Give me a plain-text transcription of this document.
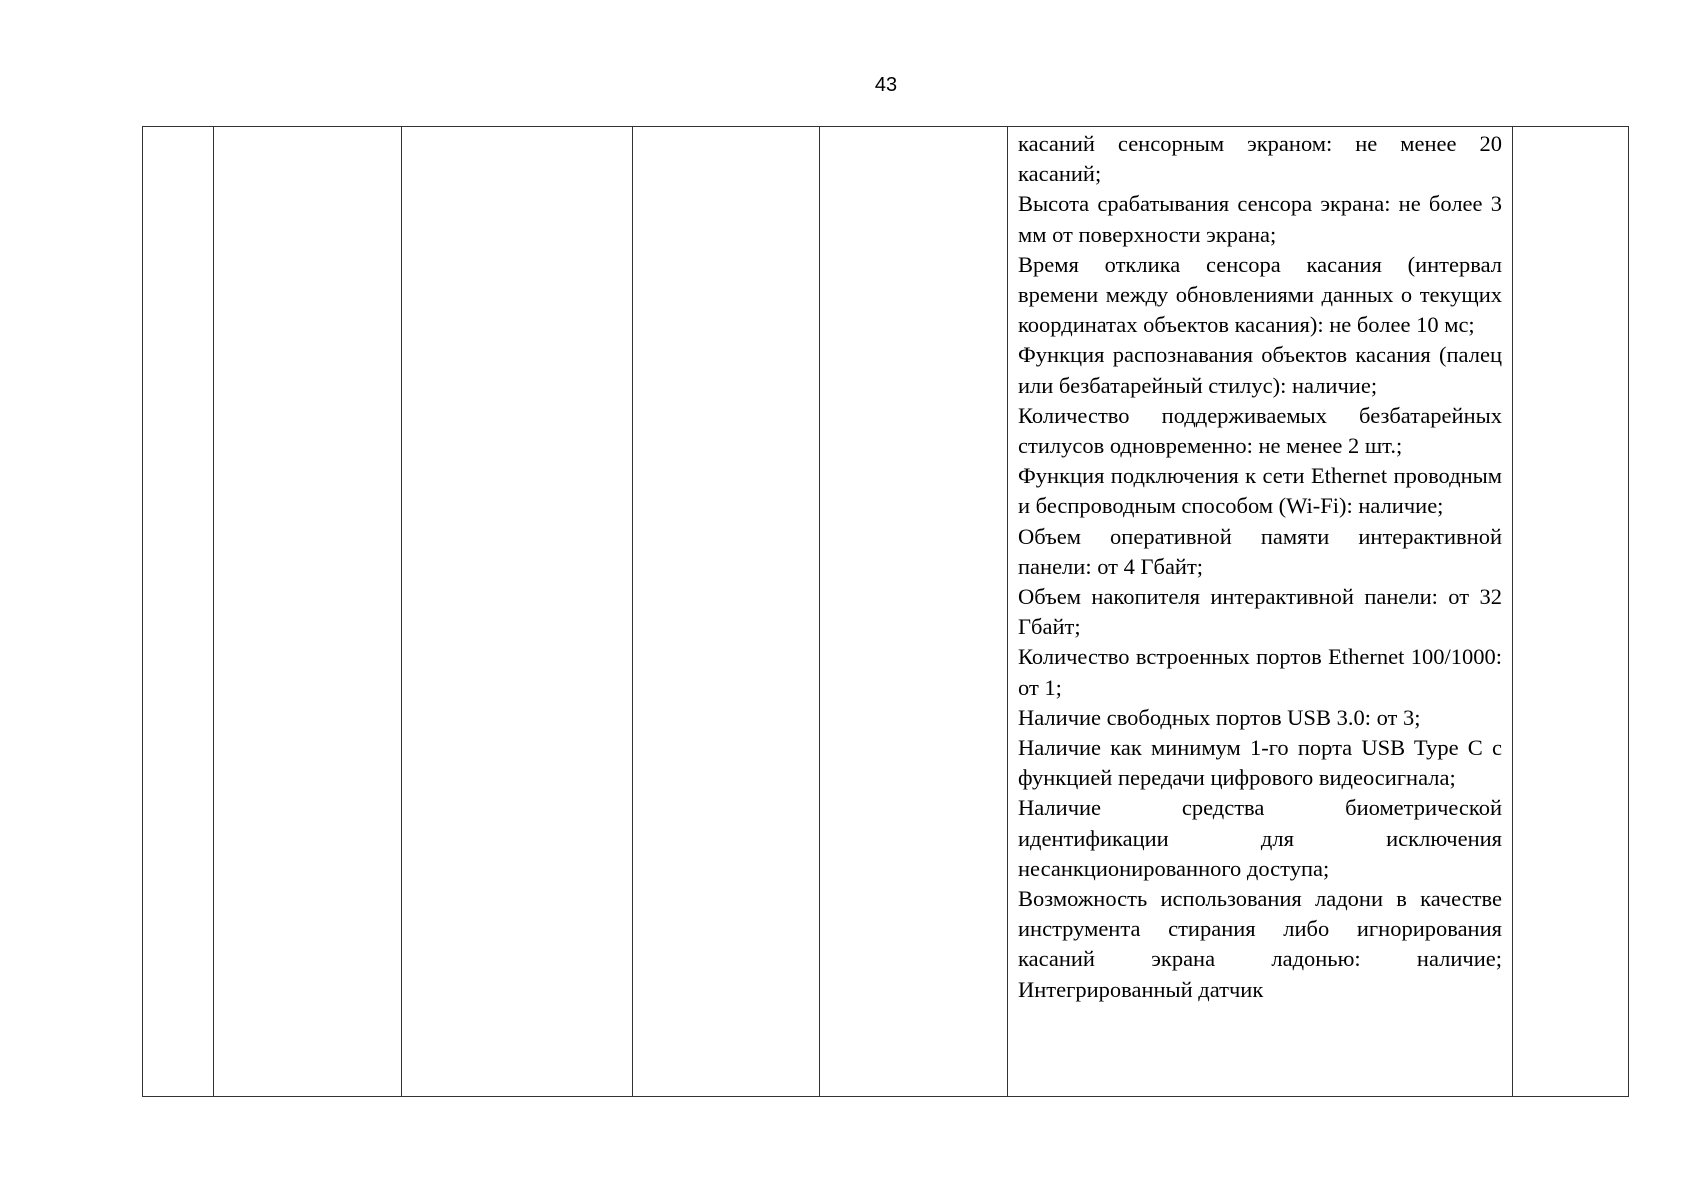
43

касаний сенсорным экраном: не менее 20 касаний;

Высота срабатывания сенсора экрана: не более 3 мм от поверхности экрана;

Время отклика сенсора касания (интервал времени между обновлениями данных о текущих координатах объектов касания): не более 10 мс;

Функция распознавания объектов касания (палец или безбатарейный стилус): наличие;

Количество поддерживаемых безбатарейных стилусов одновременно: не менее 2 шт.;

Функция подключения к сети Ethernet проводным и беспроводным способом (Wi-Fi): наличие;

Объем оперативной памяти интерактивной панели: от 4 Гбайт;

Объем накопителя интерактивной панели: от 32 Гбайт;

Количество встроенных портов Ethernet 100/1000: от 1;

Наличие свободных портов USB 3.0: от 3;

Наличие как минимум 1-го порта USB Type C с функцией передачи цифрового видеосигнала;

Наличие средства биометрической идентификации для исключения несанкционированного доступа;

Возможность использования ладони в качестве инструмента стирания либо игнорирования касаний экрана ладонью: наличие; Интегрированный датчик
